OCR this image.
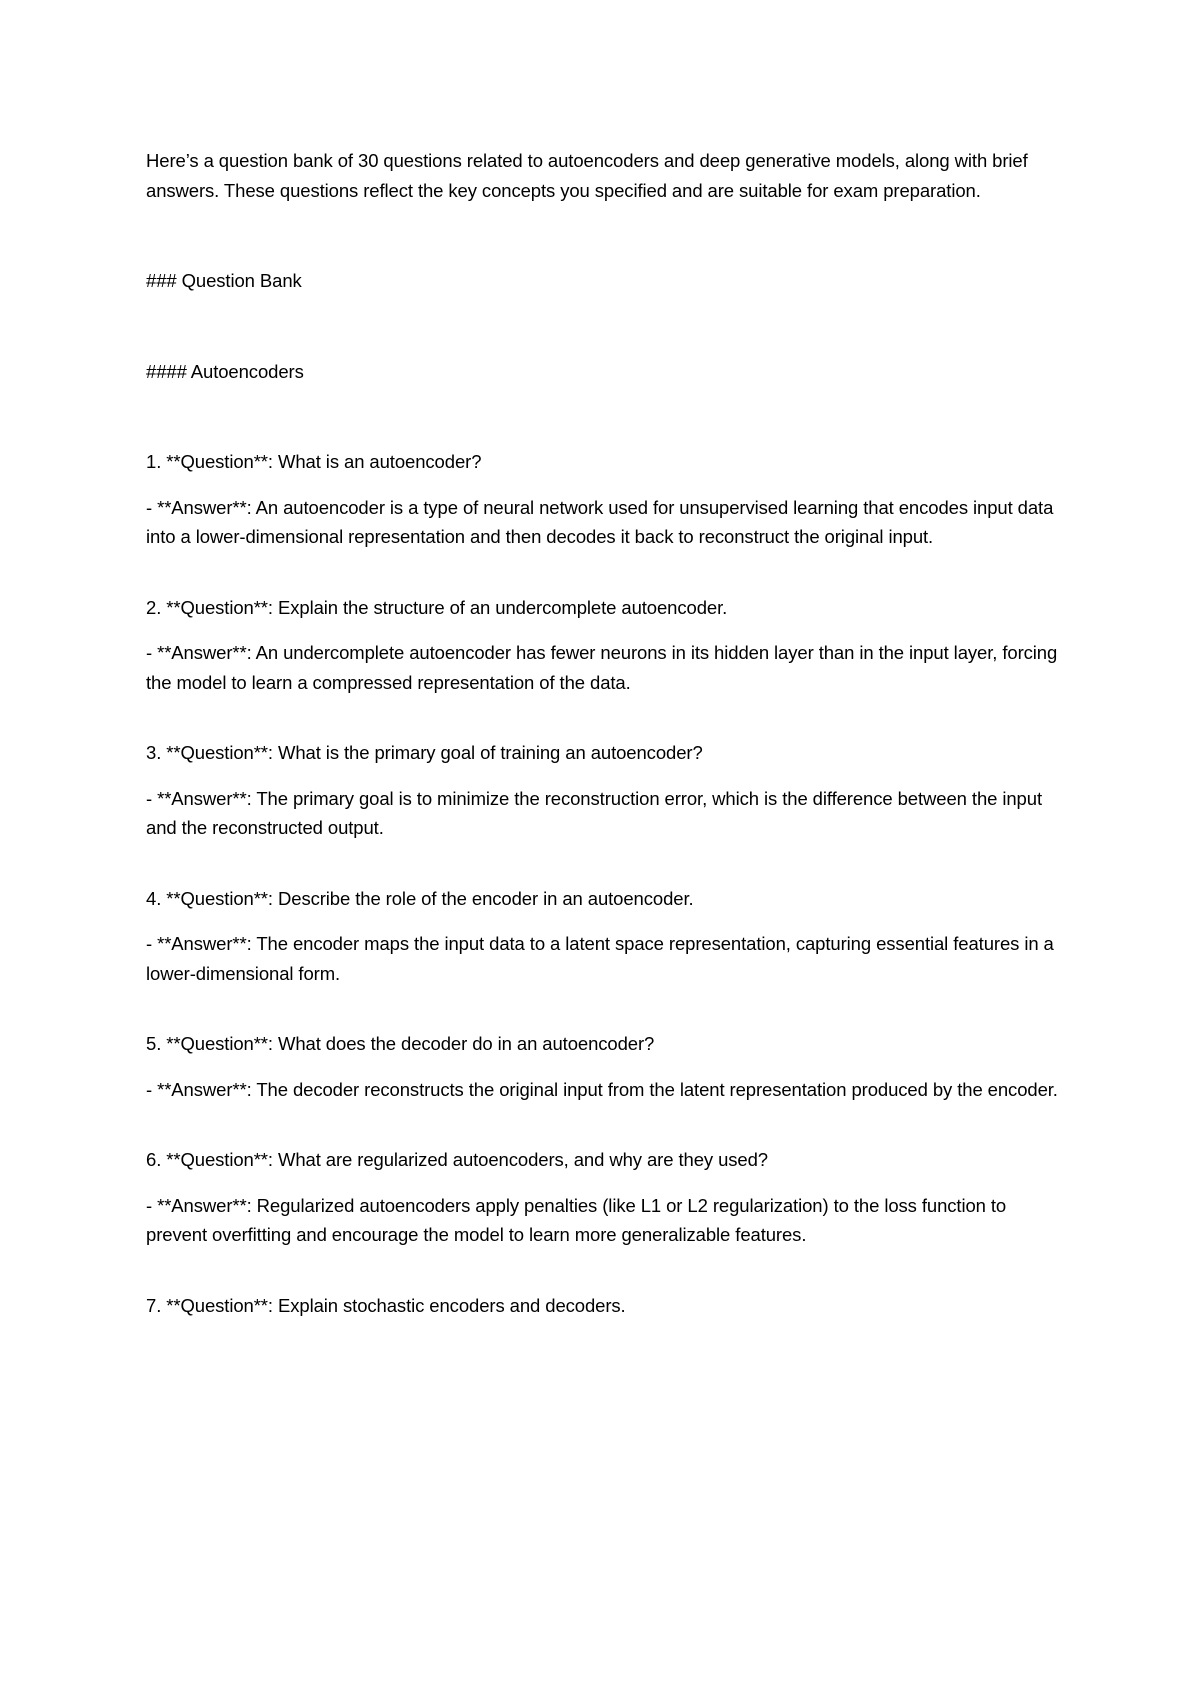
Here’s a question bank of 30 questions related to autoencoders and deep generative models, along with brief answers. These questions reflect the key concepts you specified and are suitable for exam preparation.

### Question Bank

#### Autoencoders

1. **Question**: What is an autoencoder?

- **Answer**: An autoencoder is a type of neural network used for unsupervised learning that encodes input data into a lower-dimensional representation and then decodes it back to reconstruct the original input.

2. **Question**: Explain the structure of an undercomplete autoencoder.

- **Answer**: An undercomplete autoencoder has fewer neurons in its hidden layer than in the input layer, forcing the model to learn a compressed representation of the data.

3. **Question**: What is the primary goal of training an autoencoder?

- **Answer**: The primary goal is to minimize the reconstruction error, which is the difference between the input and the reconstructed output.

4. **Question**: Describe the role of the encoder in an autoencoder.

- **Answer**: The encoder maps the input data to a latent space representation, capturing essential features in a lower-dimensional form.

5. **Question**: What does the decoder do in an autoencoder?

- **Answer**: The decoder reconstructs the original input from the latent representation produced by the encoder.

6. **Question**: What are regularized autoencoders, and why are they used?

- **Answer**: Regularized autoencoders apply penalties (like L1 or L2 regularization) to the loss function to prevent overfitting and encourage the model to learn more generalizable features.

7. **Question**: Explain stochastic encoders and decoders.
